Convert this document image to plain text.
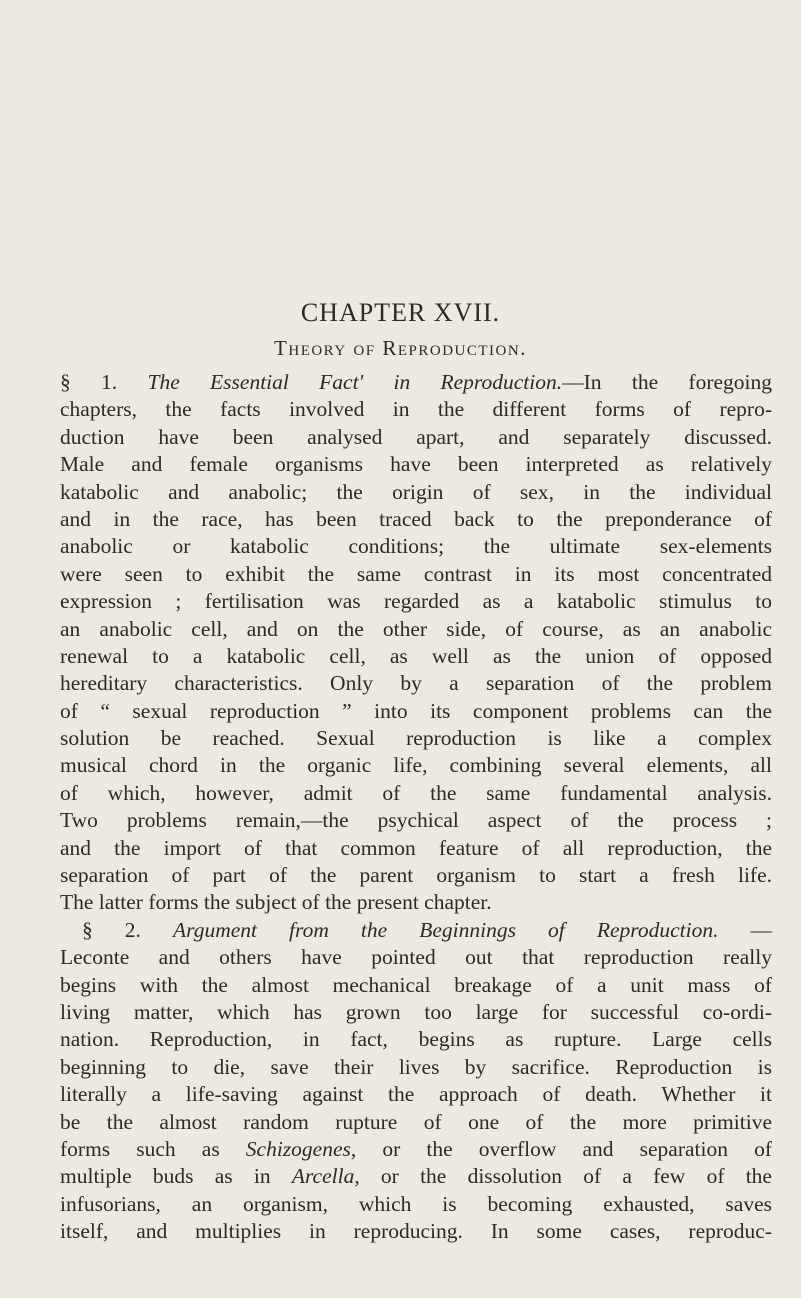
CHAPTER XVII.
Theory of Reproduction.
§ 1. The Essential Fact' in Reproduction.—In the foregoing
chapters, the facts involved in the different forms of repro-
duction have been analysed apart, and separately discussed.
Male and female organisms have been interpreted as relatively
katabolic and anabolic; the origin of sex, in the individual
and in the race, has been traced back to the preponderance of
anabolic or katabolic conditions; the ultimate sex-elements
were seen to exhibit the same contrast in its most concentrated
expression ; fertilisation was regarded as a katabolic stimulus to
an anabolic cell, and on the other side, of course, as an anabolic
renewal to a katabolic cell, as well as the union of opposed
hereditary characteristics. Only by a separation of the problem
of “ sexual reproduction ” into its component problems can the
solution be reached. Sexual reproduction is like a complex
musical chord in the organic life, combining several elements, all
of which, however, admit of the same fundamental analysis.
Two problems remain,—the psychical aspect of the process ;
and the import of that common feature of all reproduction, the
separation of part of the parent organism to start a fresh life.
The latter forms the subject of the present chapter.
§ 2. Argument from the Beginnings of Reproduction. —
Leconte and others have pointed out that reproduction really
begins with the almost mechanical breakage of a unit mass of
living matter, which has grown too large for successful co-ordi-
nation. Reproduction, in fact, begins as rupture. Large cells
beginning to die, save their lives by sacrifice. Reproduction is
literally a life-saving against the approach of death. Whether it
be the almost random rupture of one of the more primitive
forms such as Schizogenes, or the overflow and separation of
multiple buds as in Arcella, or the dissolution of a few of the
infusorians, an organism, which is becoming exhausted, saves
itself, and multiplies in reproducing. In some cases, reproduc-
